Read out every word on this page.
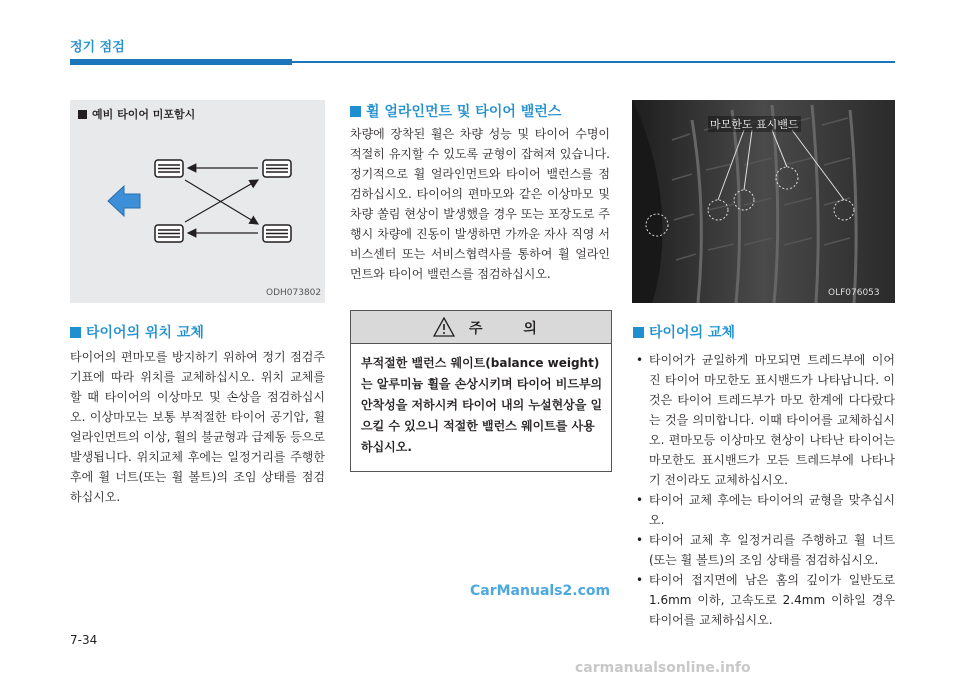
정기 점검
예비 타이어 미포함시
ODH073802
타이어의 위치 교체
타이어의 편마모를 방지하기 위하여 정기 점검주기표에 따라 위치를 교체하십시오. 위치 교체를 할 때 타이어의 이상마모 및 손상을 점검하십시오. 이상마모는 보통 부적절한 타이어 공기압, 휠 얼라인먼트의 이상, 휠의 불균형과 급제동 등으로 발생됩니다. 위치교체 후에는 일정거리를 주행한 후에 휠 너트(또는 휠 볼트)의 조임 상태를 점검하십시오.
휠 얼라인먼트 및 타이어 밸런스
차량에 장착된 휠은 차량 성능 및 타이어 수명이 적절히 유지할 수 있도록 균형이 잡혀져 있습니다. 정기적으로 휠 얼라인먼트와 타이어 밸런스를 점검하십시오. 타이어의 편마모와 같은 이상마모 및 차량 쏠림 현상이 발생했을 경우 또는 포장도로 주행시 차량에 진동이 발생하면 가까운 자사 직영 서비스센터 또는 서비스협력사를 통하여 휠 얼라인먼트와 타이어 밸런스를 점검하십시오.
주 의
부적절한 밸런스 웨이트(balance weight)는 알루미늄 휠을 손상시키며 타이어 비드부의 안착성을 저하시켜 타이어 내의 누설현상을 일으킬 수 있으니 적절한 밸런스 웨이트를 사용하십시오.
마모한도 표시밴드
OLF076053
타이어의 교체
• 타이어가 균일하게 마모되면 트레드부에 이어진 타이어 마모한도 표시밴드가 나타납니다. 이것은 타이어 트레드부가 마모 한계에 다다랐다는 것을 의미합니다. 이때 타이어를 교체하십시오. 편마모등 이상마모 현상이 나타난 타이어는 마모한도 표시밴드가 모든 트레드부에 나타나기 전이라도 교체하십시오.
• 타이어 교체 후에는 타이어의 균형을 맞추십시오.
• 타이어 교체 후 일정거리를 주행하고 휠 너트(또는 휠 볼트)의 조임 상태를 점검하십시오.
• 타이어 접지면에 남은 홈의 깊이가 일반도로 1.6mm 이하, 고속도로 2.4mm 이하일 경우 타이어를 교체하십시오.
CarManuals2.com
7-34
carmanualsonline.info
